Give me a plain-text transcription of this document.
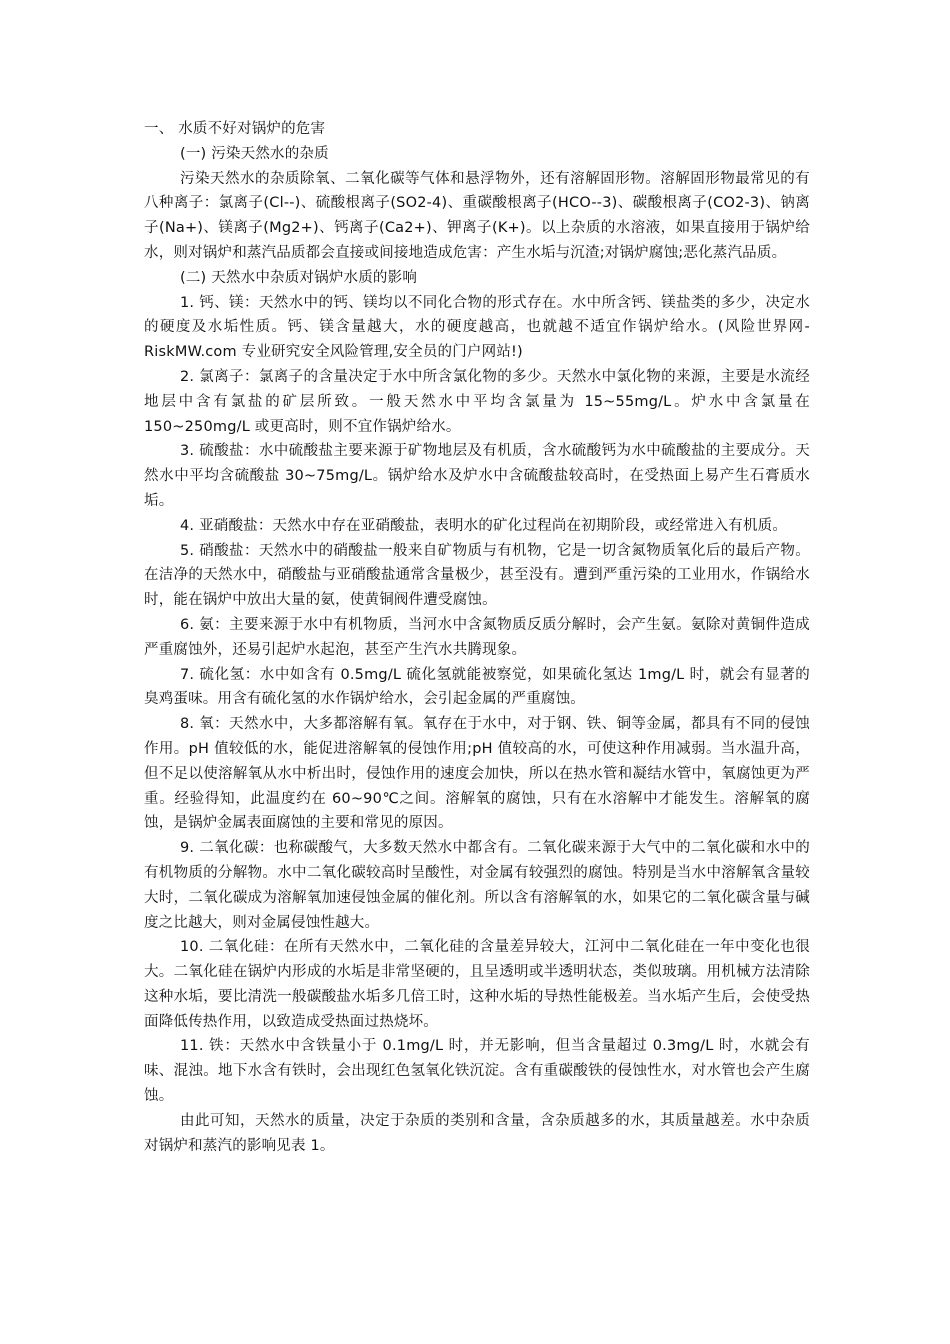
一、 水质不好对锅炉的危害

(一) 污染天然水的杂质

污染天然水的杂质除氧、二氧化碳等气体和悬浮物外，还有溶解固形物。溶解固形物最常见的有八种离子：氯离子(Cl--)、硫酸根离子(SO2-4)、重碳酸根离子(HCO--3)、碳酸根离子(CO2-3)、钠离子(Na+)、镁离子(Mg2+)、钙离子(Ca2+)、钾离子(K+)。以上杂质的水溶液，如果直接用于锅炉给水，则对锅炉和蒸汽品质都会直接或间接地造成危害：产生水垢与沉渣;对锅炉腐蚀;恶化蒸汽品质。

(二) 天然水中杂质对锅炉水质的影响

1. 钙、镁：天然水中的钙、镁均以不同化合物的形式存在。水中所含钙、镁盐类的多少，决定水的硬度及水垢性质。钙、镁含量越大，水的硬度越高，也就越不适宜作锅炉给水。(风险世界网-RiskMW.com 专业研究安全风险管理,安全员的门户网站!)

2. 氯离子：氯离子的含量决定于水中所含氯化物的多少。天然水中氯化物的来源，主要是水流经地层中含有氯盐的矿层所致。一般天然水中平均含氯量为 15~55mg/L。炉水中含氯量在 150~250mg/L 或更高时，则不宜作锅炉给水。

3. 硫酸盐：水中硫酸盐主要来源于矿物地层及有机质，含水硫酸钙为水中硫酸盐的主要成分。天然水中平均含硫酸盐 30~75mg/L。锅炉给水及炉水中含硫酸盐较高时，在受热面上易产生石膏质水垢。

4. 亚硝酸盐：天然水中存在亚硝酸盐，表明水的矿化过程尚在初期阶段，或经常进入有机质。

5. 硝酸盐：天然水中的硝酸盐一般来自矿物质与有机物，它是一切含氮物质氧化后的最后产物。在洁净的天然水中，硝酸盐与亚硝酸盐通常含量极少，甚至没有。遭到严重污染的工业用水，作锅给水时，能在锅炉中放出大量的氨，使黄铜阀件遭受腐蚀。

6. 氨：主要来源于水中有机物质，当河水中含氮物质反质分解时，会产生氨。氨除对黄铜件造成严重腐蚀外，还易引起炉水起泡，甚至产生汽水共腾现象。

7. 硫化氢：水中如含有 0.5mg/L 硫化氢就能被察觉，如果硫化氢达 1mg/L 时，就会有显著的臭鸡蛋味。用含有硫化氢的水作锅炉给水，会引起金属的严重腐蚀。

8. 氧：天然水中，大多都溶解有氧。氧存在于水中，对于钢、铁、铜等金属，都具有不同的侵蚀作用。pH 值较低的水，能促进溶解氧的侵蚀作用;pH 值较高的水，可使这种作用减弱。当水温升高，但不足以使溶解氧从水中析出时，侵蚀作用的速度会加快，所以在热水管和凝结水管中，氧腐蚀更为严重。经验得知，此温度约在 60~90℃之间。溶解氧的腐蚀，只有在水溶解中才能发生。溶解氧的腐蚀，是锅炉金属表面腐蚀的主要和常见的原因。

9. 二氧化碳：也称碳酸气，大多数天然水中都含有。二氧化碳来源于大气中的二氧化碳和水中的有机物质的分解物。水中二氧化碳较高时呈酸性，对金属有较强烈的腐蚀。特别是当水中溶解氧含量较大时，二氧化碳成为溶解氧加速侵蚀金属的催化剂。所以含有溶解氧的水，如果它的二氧化碳含量与碱度之比越大，则对金属侵蚀性越大。

10. 二氧化硅：在所有天然水中，二氧化硅的含量差异较大，江河中二氧化硅在一年中变化也很大。二氧化硅在锅炉内形成的水垢是非常坚硬的，且呈透明或半透明状态，类似玻璃。用机械方法清除这种水垢，要比清洗一般碳酸盐水垢多几倍工时，这种水垢的导热性能极差。当水垢产生后，会使受热面降低传热作用，以致造成受热面过热烧坏。

11. 铁：天然水中含铁量小于 0.1mg/L 时，并无影响，但当含量超过 0.3mg/L 时，水就会有味、混浊。地下水含有铁时，会出现红色氢氧化铁沉淀。含有重碳酸铁的侵蚀性水，对水管也会产生腐蚀。

由此可知，天然水的质量，决定于杂质的类别和含量，含杂质越多的水，其质量越差。水中杂质对锅炉和蒸汽的影响见表 1。
